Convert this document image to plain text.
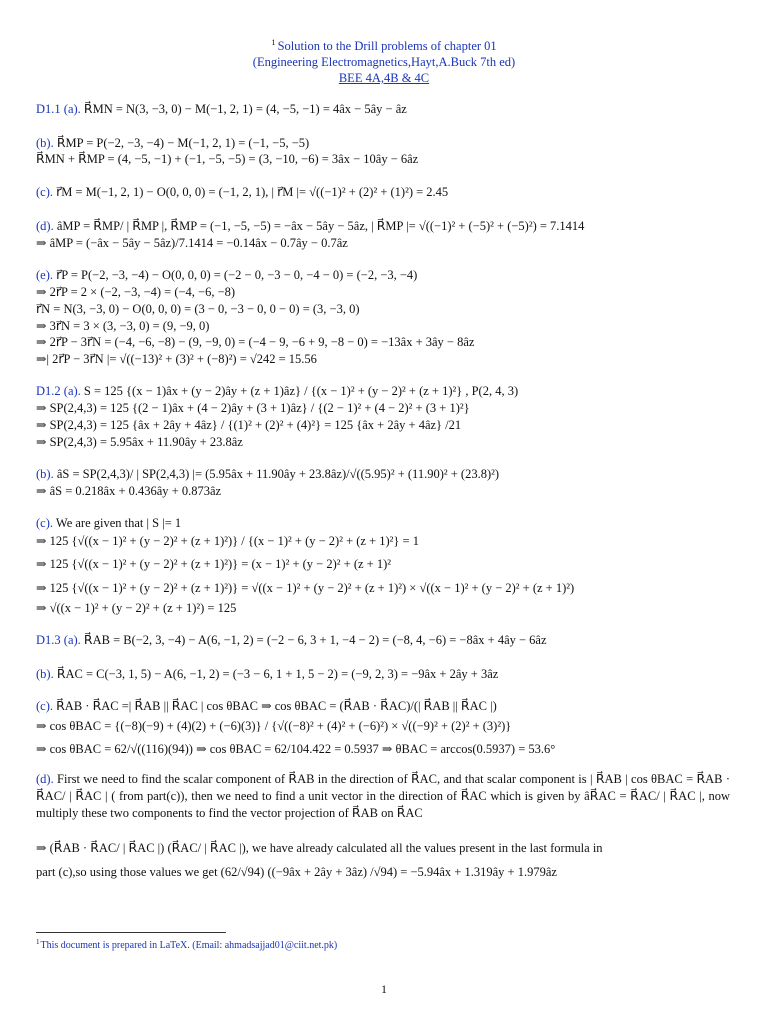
$^1$ Solution to the Drill problems of chapter 01
(Engineering Electromagnetics,Hayt,A.Buck 7th ed)
BEE 4A,4B & 4C
D1.1 (a). R⃗MN = N(3, −3, 0) − M(−1, 2, 1) = (4, −5, −1) = 4âx − 5ây − âz
(b). R⃗MP = P(−2, −3, −4) − M(−1, 2, 1) = (−1, −5, −5)
R⃗MN + R⃗MP = (4, −5, −1) + (−1, −5, −5) = (3, −10, −6) = 3âx − 10ây − 6âz
(c). r⃗M = M(−1, 2, 1) − O(0, 0, 0) = (−1, 2, 1), | r⃗M |= √((−1)² + (2)² + (1)²) = 2.45
(d). âMP = R⃗MP/ | R⃗MP |, R⃗MP = (−1, −5, −5) = −âx − 5ây − 5âz, | R⃗MP |= √((−1)² + (−5)² + (−5)²) = 7.1414
⇒ âMP = (−âx − 5ây − 5âz)/7.1414 = −0.14âx − 0.7ây − 0.7âz
(e). r⃗P = P(−2, −3, −4) − O(0, 0, 0) = (−2 − 0, −3 − 0, −4 − 0) = (−2, −3, −4)
⇒ 2r⃗P = 2 × (−2, −3, −4) = (−4, −6, −8)
r⃗N = N(3, −3, 0) − O(0, 0, 0) = (3 − 0, −3 − 0, 0 − 0) = (3, −3, 0)
⇒ 3r⃗N = 3 × (3, −3, 0) = (9, −9, 0)
⇒ 2r⃗P − 3r⃗N = (−4, −6, −8) − (9, −9, 0) = (−4 − 9, −6 + 9, −8 − 0) = −13âx + 3ây − 8âz
⇒| 2r⃗P − 3r⃗N |= √((−13)² + (3)² + (−8)²) = √242 = 15.56
D1.2 (a). S = 125 {(x − 1)âx + (y − 2)ây + (z + 1)âz} / {(x − 1)² + (y − 2)² + (z + 1)²} , P(2, 4, 3)
⇒ SP(2,4,3) = 125 {(2 − 1)âx + (4 − 2)ây + (3 + 1)âz} / {(2 − 1)² + (4 − 2)² + (3 + 1)²}
⇒ SP(2,4,3) = 125 {âx + 2ây + 4âz} / {(1)² + (2)² + (4)²} = 125 {âx + 2ây + 4âz} /21
⇒ SP(2,4,3) = 5.95âx + 11.90ây + 23.8âz
(b). âS = SP(2,4,3)/ | SP(2,4,3) |= (5.95âx + 11.90ây + 23.8âz)/√((5.95)² + (11.90)² + (23.8)²)
⇒ âS = 0.218âx + 0.436ây + 0.873âz
(c). We are given that | S |= 1
⇒ 125 {√((x − 1)² + (y − 2)² + (z + 1)²)} / {(x − 1)² + (y − 2)² + (z + 1)²} = 1
⇒ 125 {√((x − 1)² + (y − 2)² + (z + 1)²)} = (x − 1)² + (y − 2)² + (z + 1)²
⇒ 125 {√((x − 1)² + (y − 2)² + (z + 1)²)} = √((x − 1)² + (y − 2)² + (z + 1)²) × √((x − 1)² + (y − 2)² + (z + 1)²)
⇒ √((x − 1)² + (y − 2)² + (z + 1)²) = 125
D1.3 (a). R⃗AB = B(−2, 3, −4) − A(6, −1, 2) = (−2 − 6, 3 + 1, −4 − 2) = (−8, 4, −6) = −8âx + 4ây − 6âz
(b). R⃗AC = C(−3, 1, 5) − A(6, −1, 2) = (−3 − 6, 1 + 1, 5 − 2) = (−9, 2, 3) = −9âx + 2ây + 3âz
(c). R⃗AB · R⃗AC =| R⃗AB || R⃗AC | cos θBAC ⇒ cos θBAC = (R⃗AB · R⃗AC)/(| R⃗AB || R⃗AC |)
⇒ cos θBAC = {(−8)(−9) + (4)(2) + (−6)(3)} / {√((−8)² + (4)² + (−6)²) × √((−9)² + (2)² + (3)²)}
⇒ cos θBAC = 62/√((116)(94)) ⇒ cos θBAC = 62/104.422 = 0.5937 ⇒ θBAC = arccos(0.5937) = 53.6°
(d). First we need to find the scalar component of R⃗AB in the direction of R⃗AC, and that scalar component is | R⃗AB | cos θBAC = R⃗AB · R⃗AC/ | R⃗AC | ( from part(c)), then we need to find a unit vector in the direction of R⃗AC which is given by âR⃗AC = R⃗AC/ | R⃗AC |, now multiply these two components to find the vector projection of R⃗AB on R⃗AC
⇒ (R⃗AB · R⃗AC/ | R⃗AC |) (R⃗AC/ | R⃗AC |), we have already calculated all the values present in the last formula in
part (c),so using those values we get (62/√94) ((−9âx + 2ây + 3âz) /√94) = −5.94âx + 1.319ây + 1.979âz
$^1$This document is prepared in LaTeX. (Email: ahmadsajjad01@ciit.net.pk)
1
